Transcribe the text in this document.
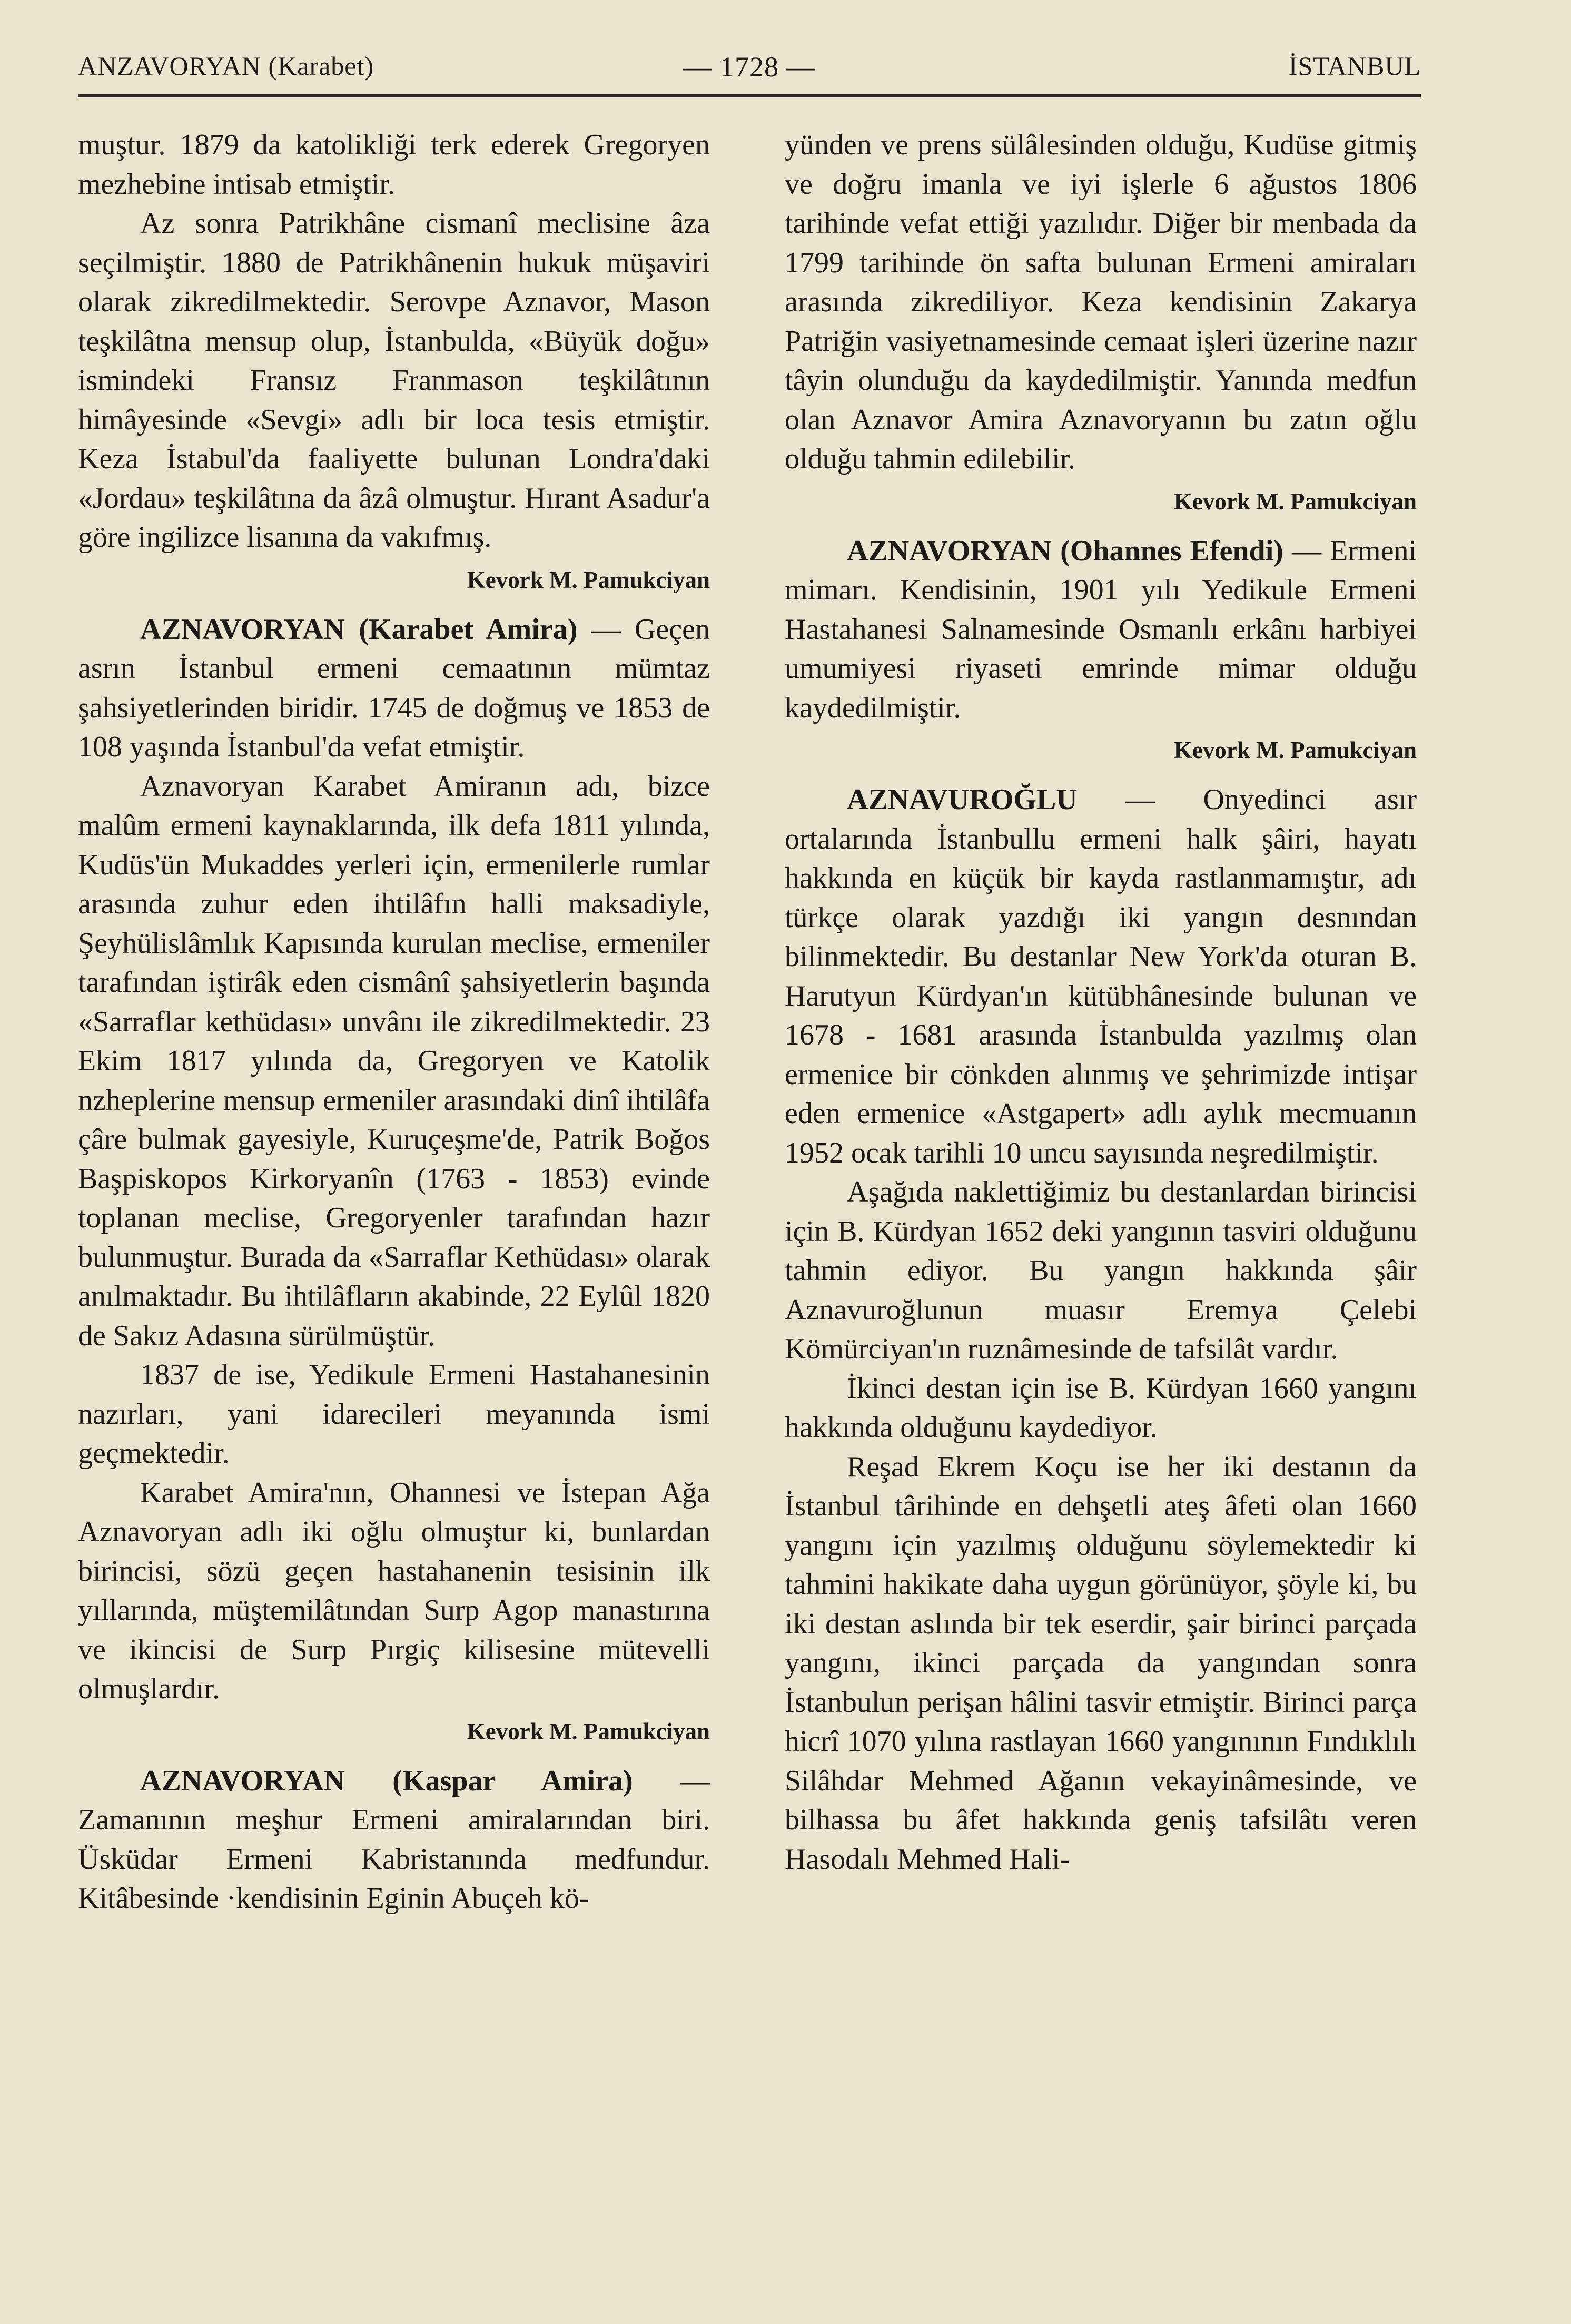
ANZAVORYAN (Karabet)	— 1728 —	İSTANBUL

muştur. 1879 da katolikliği terk ederek Gregoryen mezhebine intisab etmiştir.

Az sonra Patrikhâne cismanî meclisine âza seçilmiştir. 1880 de Patrikhânenin hukuk müşaviri olarak zikredilmektedir. Serovpe Aznavor, Mason teşkilâtna mensup olup, İstanbulda, «Büyük doğu» ismindeki Fransız Franmason teşkilâtının himâyesinde «Sevgi» adlı bir loca tesis etmiştir. Keza İstabul'da faaliyette bulunan Londra'daki «Jordau» teşkilâtına da âzâ olmuştur. Hırant Asadur'a göre ingilizce lisanına da vakıfmış.

Kevork M. Pamukciyan

AZNAVORYAN (Karabet Amira) — Geçen asrın İstanbul ermeni cemaatının mümtaz şahsiyetlerinden biridir. 1745 de doğmuş ve 1853 de 108 yaşında İstanbul'da vefat etmiştir.

Aznavoryan Karabet Amiranın adı, bizce malûm ermeni kaynaklarında, ilk defa 1811 yılında, Kudüs'ün Mukaddes yerleri için, ermenilerle rumlar arasında zuhur eden ihtilâfın halli maksadiyle, Şeyhülislâmlık Kapısında kurulan meclise, ermeniler tarafından iştirâk eden cismânî şahsiyetlerin başında «Sarraflar kethüdası» unvânı ile zikredilmektedir. 23 Ekim 1817 yılında da, Gregoryen ve Katolik nzheplerine mensup ermeniler arasındaki dinî ihtilâfa çâre bulmak gayesiyle, Kuruçeşme'de, Patrik Boğos Başpiskopos Kirkoryanîn (1763 - 1853) evinde toplanan meclise, Gregoryenler tarafından hazır bulunmuştur. Burada da «Sarraflar Kethüdası» olarak anılmaktadır. Bu ihtilâfların akabinde, 22 Eylûl 1820 de Sakız Adasına sürülmüştür.

1837 de ise, Yedikule Ermeni Hastahanesinin nazırları, yani idarecileri meyanında ismi geçmektedir.

Karabet Amira'nın, Ohannesi ve İstepan Ağa Aznavoryan adlı iki oğlu olmuştur ki, bunlardan birincisi, sözü geçen hastahanenin tesisinin ilk yıllarında, müştemilâtından Surp Agop manastırına ve ikincisi de Surp Pırgiç kilisesine mütevelli olmuşlardır.

Kevork M. Pamukciyan

AZNAVORYAN (Kaspar Amira) — Zamanının meşhur Ermeni amiralarından biri. Üsküdar Ermeni Kabristanında medfundur. Kitâbesinde ·kendisinin Eginin Abuçeh kö-

yünden ve prens sülâlesinden olduğu, Kudüse gitmiş ve doğru imanla ve iyi işlerle 6 ağustos 1806 tarihinde vefat ettiği yazılıdır. Diğer bir menbada da 1799 tarihinde ön safta bulunan Ermeni amiraları arasında zikrediliyor. Keza kendisinin Zakarya Patriğin vasiyetnamesinde cemaat işleri üzerine nazır tâyin olunduğu da kaydedilmiştir. Yanında medfun olan Aznavor Amira Aznavoryanın bu zatın oğlu olduğu tahmin edilebilir.

Kevork M. Pamukciyan

AZNAVORYAN (Ohannes Efendi) — Ermeni mimarı. Kendisinin, 1901 yılı Yedikule Ermeni Hastahanesi Salnamesinde Osmanlı erkânı harbiyei umumiyesi riyaseti emrinde mimar olduğu kaydedilmiştir.

Kevork M. Pamukciyan

AZNAVUROĞLU — Onyedinci asır ortalarında İstanbullu ermeni halk şâiri, hayatı hakkında en küçük bir kayda rastlanmamıştır, adı türkçe olarak yazdığı iki yangın desnından bilinmektedir. Bu destanlar New York'da oturan B. Harutyun Kürdyan'ın kütübhânesinde bulunan ve 1678 - 1681 arasında İstanbulda yazılmış olan ermenice bir cönkden alınmış ve şehrimizde intişar eden ermenice «Astgapert» adlı aylık mecmuanın 1952 ocak tarihli 10 uncu sayısında neşredilmiştir.

Aşağıda naklettiğimiz bu destanlardan birincisi için B. Kürdyan 1652 deki yangının tasviri olduğunu tahmin ediyor. Bu yangın hakkında şâir Aznavuroğlunun muasır Eremya Çelebi Kömürciyan'ın ruznâmesinde de tafsilât vardır.

İkinci destan için ise B. Kürdyan 1660 yangını hakkında olduğunu kaydediyor.

Reşad Ekrem Koçu ise her iki destanın da İstanbul târihinde en dehşetli ateş âfeti olan 1660 yangını için yazılmış olduğunu söylemektedir ki tahmini hakikate daha uygun görünüyor, şöyle ki, bu iki destan aslında bir tek eserdir, şair birinci parçada yangını, ikinci parçada da yangından sonra İstanbulun perişan hâlini tasvir etmiştir. Birinci parça hicrî 1070 yılına rastlayan 1660 yangınının Fındıklılı Silâhdar Mehmed Ağanın vekayinâmesinde, ve bilhassa bu âfet hakkında geniş tafsilâtı veren Hasodalı Mehmed Hali-
